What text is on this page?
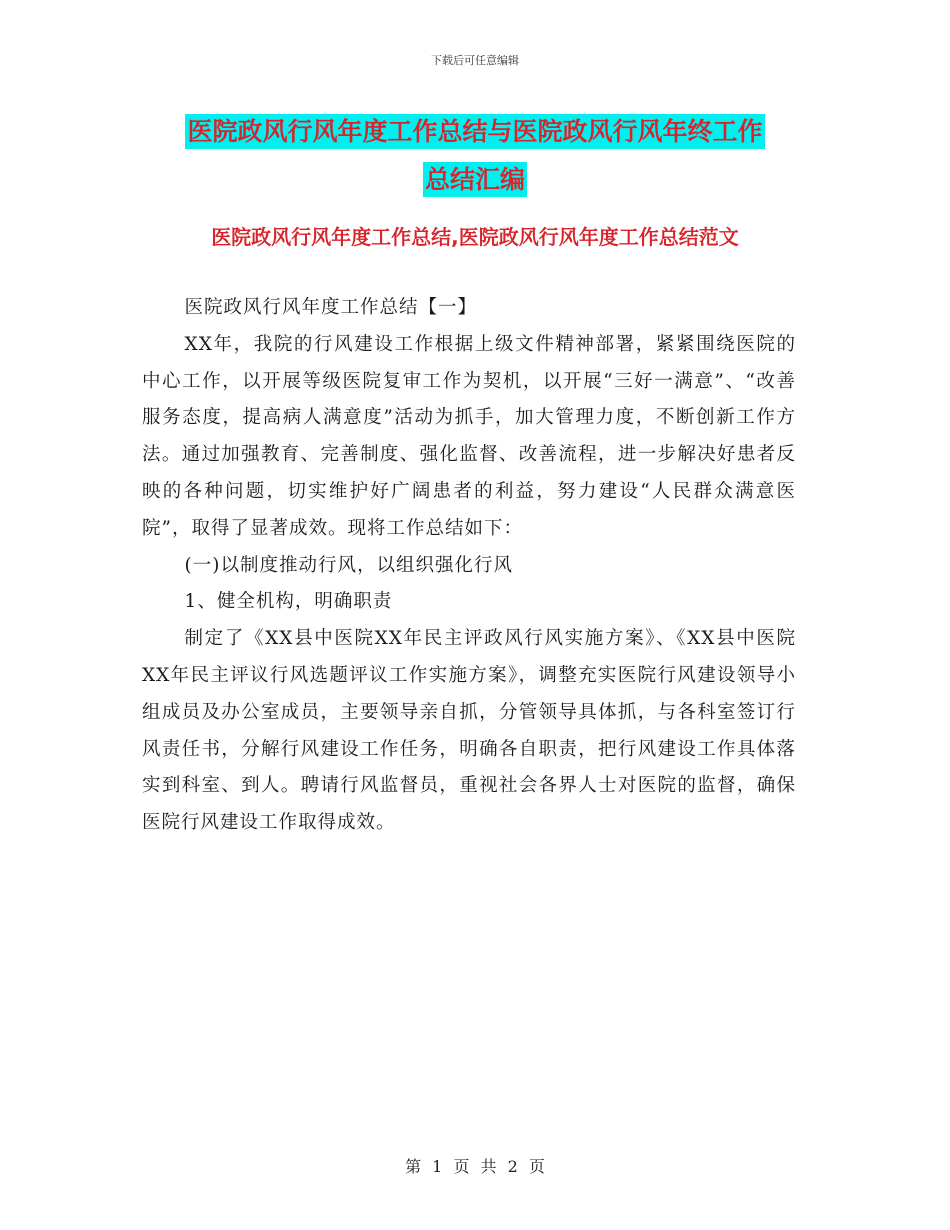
下载后可任意编辑
医院政风行风年度工作总结与医院政风行风年终工作
总结汇编
医院政风行风年度工作总结,医院政风行风年度工作总结范文

医院政风行风年度工作总结【一】

XX年，我院的行风建设工作根据上级文件精神部署，紧紧围绕医院的中心工作，以开展等级医院复审工作为契机，以开展“三好一满意”、“改善服务态度，提高病人满意度”活动为抓手，加大管理力度，不断创新工作方法。通过加强教育、完善制度、强化监督、改善流程，进一步解决好患者反映的各种问题，切实维护好广阔患者的利益，努力建设“人民群众满意医院”，取得了显著成效。现将工作总结如下：

(一)以制度推动行风，以组织强化行风

1、健全机构，明确职责

制定了《XX县中医院XX年民主评政风行风实施方案》、《XX县中医院XX年民主评议行风选题评议工作实施方案》，调整充实医院行风建设领导小组成员及办公室成员，主要领导亲自抓，分管领导具体抓，与各科室签订行风责任书，分解行风建设工作任务，明确各自职责，把行风建设工作具体落实到科室、到人。聘请行风监督员，重视社会各界人士对医院的监督，确保医院行风建设工作取得成效。

第 1 页 共 2 页
